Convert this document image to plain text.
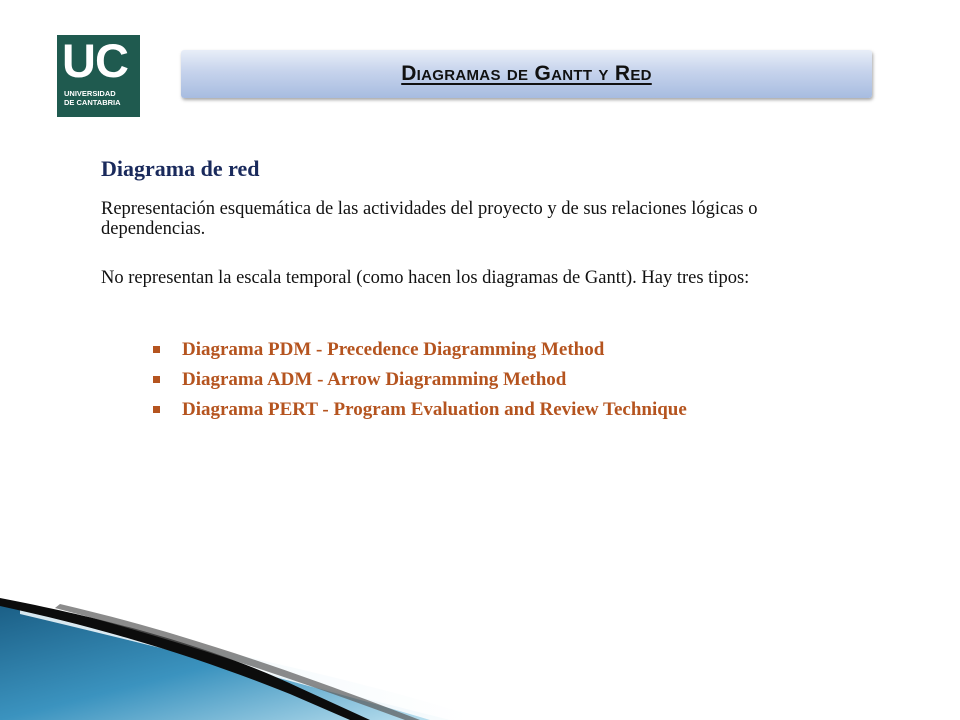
UC
UNIVERSIDAD
DE CANTABRIA
Diagramas de Gantt y Red
Diagrama de red
Representación esquemática de las actividades del proyecto y de sus relaciones lógicas o dependencias.
No representan la escala temporal (como hacen los diagramas de Gantt). Hay tres tipos:
Diagrama PDM - Precedence Diagramming Method
Diagrama ADM - Arrow Diagramming Method
Diagrama PERT - Program Evaluation and Review Technique
